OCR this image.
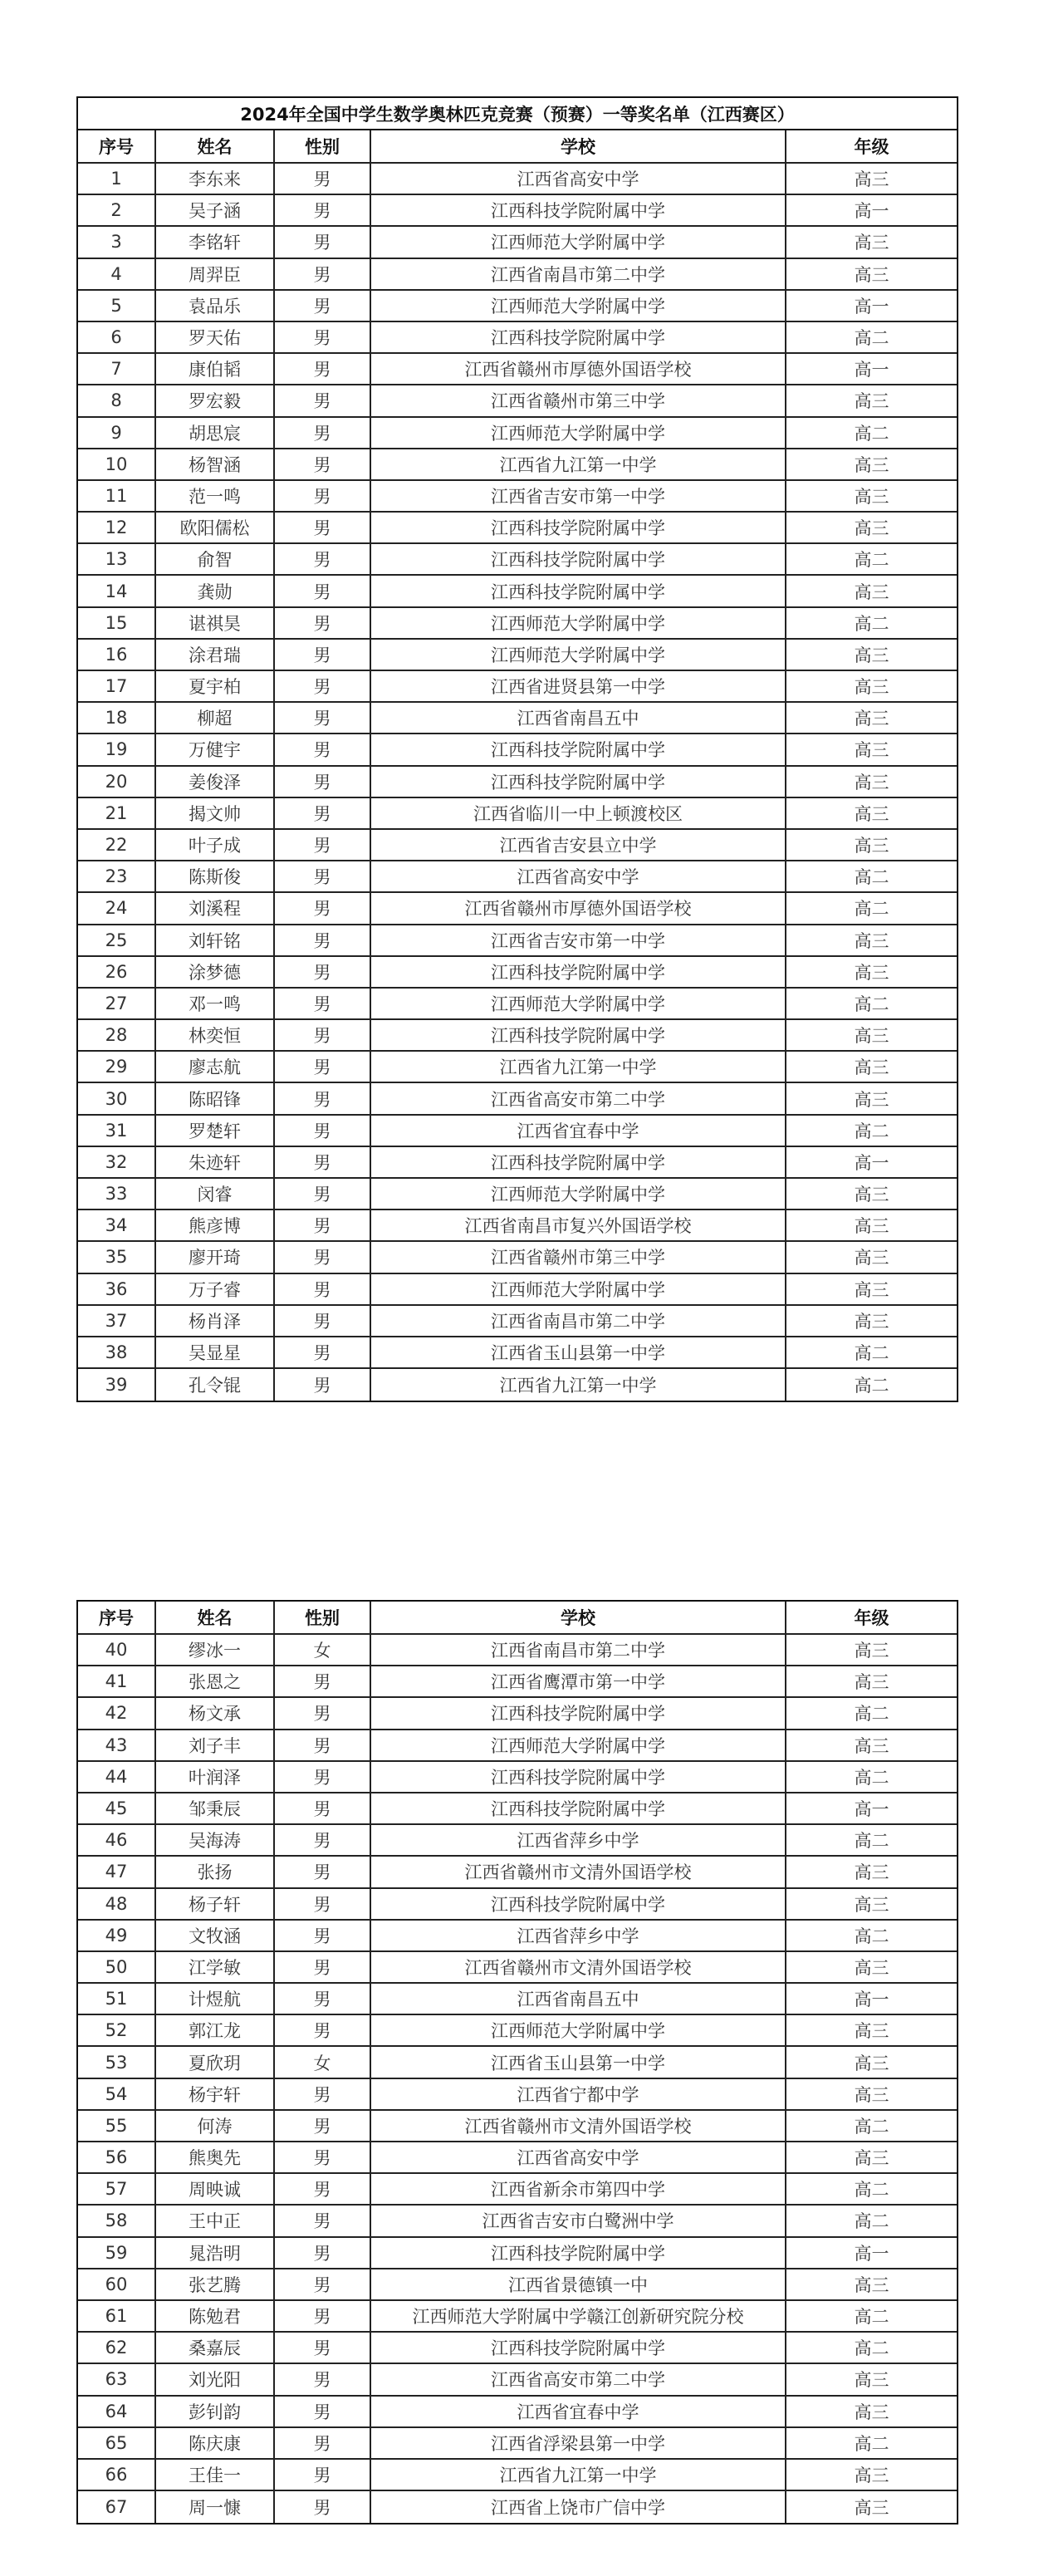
2024年全国中学生数学奥林匹克竞赛（预赛）一等奖名单（江西赛区）
序号	姓名	性别	学校	年级
1	李东来	男	江西省高安中学	高三
2	吴子涵	男	江西科技学院附属中学	高一
3	李铭轩	男	江西师范大学附属中学	高三
4	周羿臣	男	江西省南昌市第二中学	高三
5	袁品乐	男	江西师范大学附属中学	高一
6	罗天佑	男	江西科技学院附属中学	高二
7	康伯韬	男	江西省赣州市厚德外国语学校	高一
8	罗宏毅	男	江西省赣州市第三中学	高三
9	胡思宸	男	江西师范大学附属中学	高二
10	杨智涵	男	江西省九江第一中学	高三
11	范一鸣	男	江西省吉安市第一中学	高三
12	欧阳儒松	男	江西科技学院附属中学	高三
13	俞智	男	江西科技学院附属中学	高二
14	龚勋	男	江西科技学院附属中学	高三
15	谌祺昊	男	江西师范大学附属中学	高二
16	涂君瑞	男	江西师范大学附属中学	高三
17	夏宇柏	男	江西省进贤县第一中学	高三
18	柳超	男	江西省南昌五中	高三
19	万健宇	男	江西科技学院附属中学	高三
20	姜俊泽	男	江西科技学院附属中学	高三
21	揭文帅	男	江西省临川一中上顿渡校区	高三
22	叶子成	男	江西省吉安县立中学	高三
23	陈斯俊	男	江西省高安中学	高二
24	刘溪程	男	江西省赣州市厚德外国语学校	高二
25	刘轩铭	男	江西省吉安市第一中学	高三
26	涂梦德	男	江西科技学院附属中学	高三
27	邓一鸣	男	江西师范大学附属中学	高二
28	林奕恒	男	江西科技学院附属中学	高三
29	廖志航	男	江西省九江第一中学	高三
30	陈昭锋	男	江西省高安市第二中学	高三
31	罗楚轩	男	江西省宜春中学	高二
32	朱迹轩	男	江西科技学院附属中学	高一
33	闵睿	男	江西师范大学附属中学	高三
34	熊彦博	男	江西省南昌市复兴外国语学校	高三
35	廖开琦	男	江西省赣州市第三中学	高三
36	万子睿	男	江西师范大学附属中学	高三
37	杨肖泽	男	江西省南昌市第二中学	高三
38	吴显星	男	江西省玉山县第一中学	高二
39	孔令锟	男	江西省九江第一中学	高二
序号	姓名	性别	学校	年级
40	缪冰一	女	江西省南昌市第二中学	高三
41	张恩之	男	江西省鹰潭市第一中学	高三
42	杨文承	男	江西科技学院附属中学	高二
43	刘子丰	男	江西师范大学附属中学	高三
44	叶润泽	男	江西科技学院附属中学	高二
45	邹秉辰	男	江西科技学院附属中学	高一
46	吴海涛	男	江西省萍乡中学	高二
47	张扬	男	江西省赣州市文清外国语学校	高三
48	杨子轩	男	江西科技学院附属中学	高三
49	文牧涵	男	江西省萍乡中学	高二
50	江学敏	男	江西省赣州市文清外国语学校	高三
51	计煜航	男	江西省南昌五中	高一
52	郭江龙	男	江西师范大学附属中学	高三
53	夏欣玥	女	江西省玉山县第一中学	高三
54	杨宇轩	男	江西省宁都中学	高三
55	何涛	男	江西省赣州市文清外国语学校	高二
56	熊奥先	男	江西省高安中学	高三
57	周映诚	男	江西省新余市第四中学	高二
58	王中正	男	江西省吉安市白鹭洲中学	高二
59	晁浩明	男	江西科技学院附属中学	高一
60	张艺腾	男	江西省景德镇一中	高三
61	陈勉君	男	江西师范大学附属中学赣江创新研究院分校	高二
62	桑嘉辰	男	江西科技学院附属中学	高二
63	刘光阳	男	江西省高安市第二中学	高三
64	彭钊韵	男	江西省宜春中学	高三
65	陈庆康	男	江西省浮梁县第一中学	高二
66	王佳一	男	江西省九江第一中学	高三
67	周一慷	男	江西省上饶市广信中学	高三
